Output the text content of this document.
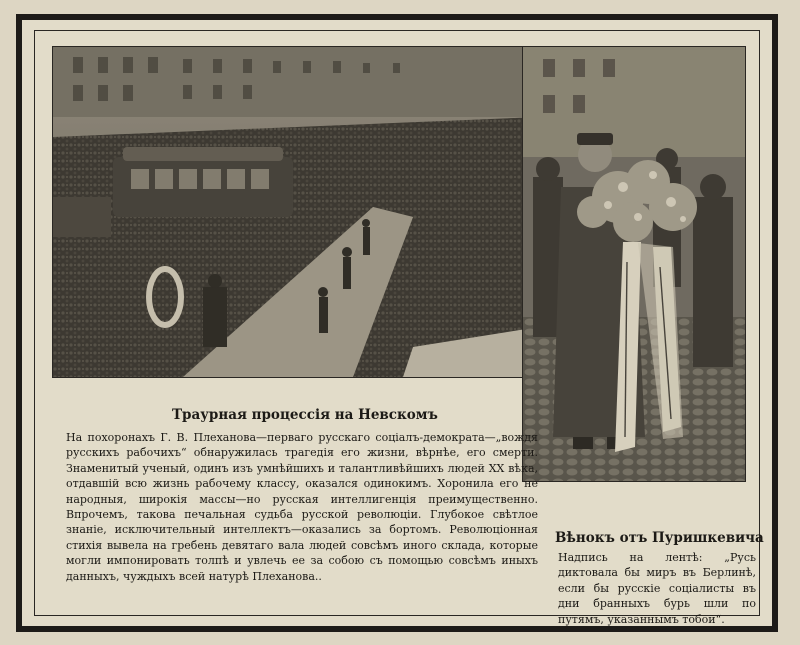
Траурная процессія на Невскомъ

На похоронахъ Г. В. Плеханова—перваго русскаго соціалъ-демократа—„вождя русскихъ рабочихъ“ обнаружилась трагедія его жизни, вѣрнѣе, его смерти. Знаменитый ученый, одинъ изъ умнѣйшихъ и талантливѣйшихъ людей XX вѣка, отдавшій всю жизнь рабочему классу, оказался одинокимъ. Хоронила его не народныя, широкія массы—но русская интеллигенція преимущественно. Впрочемъ, такова печальная судьба русской революціи. Глубокое свѣтлое знаніе, исключительный интеллектъ—оказались за бортомъ. Революціонная стихія вывела на гребень девятаго вала людей совсѣмъ иного склада, которые могли импонировать толпѣ и увлечь ее за собою съ помощью совсѣмъ иныхъ данныхъ, чуждыхъ всей натурѣ Плеханова..

Вѣнокъ отъ Пуришкевича

Надпись на лентѣ: „Русь диктовала бы миръ въ Берлинѣ, если бы русскіе соціалисты въ дни бранныхъ бурь шли по путямъ, указаннымъ тобой“.
